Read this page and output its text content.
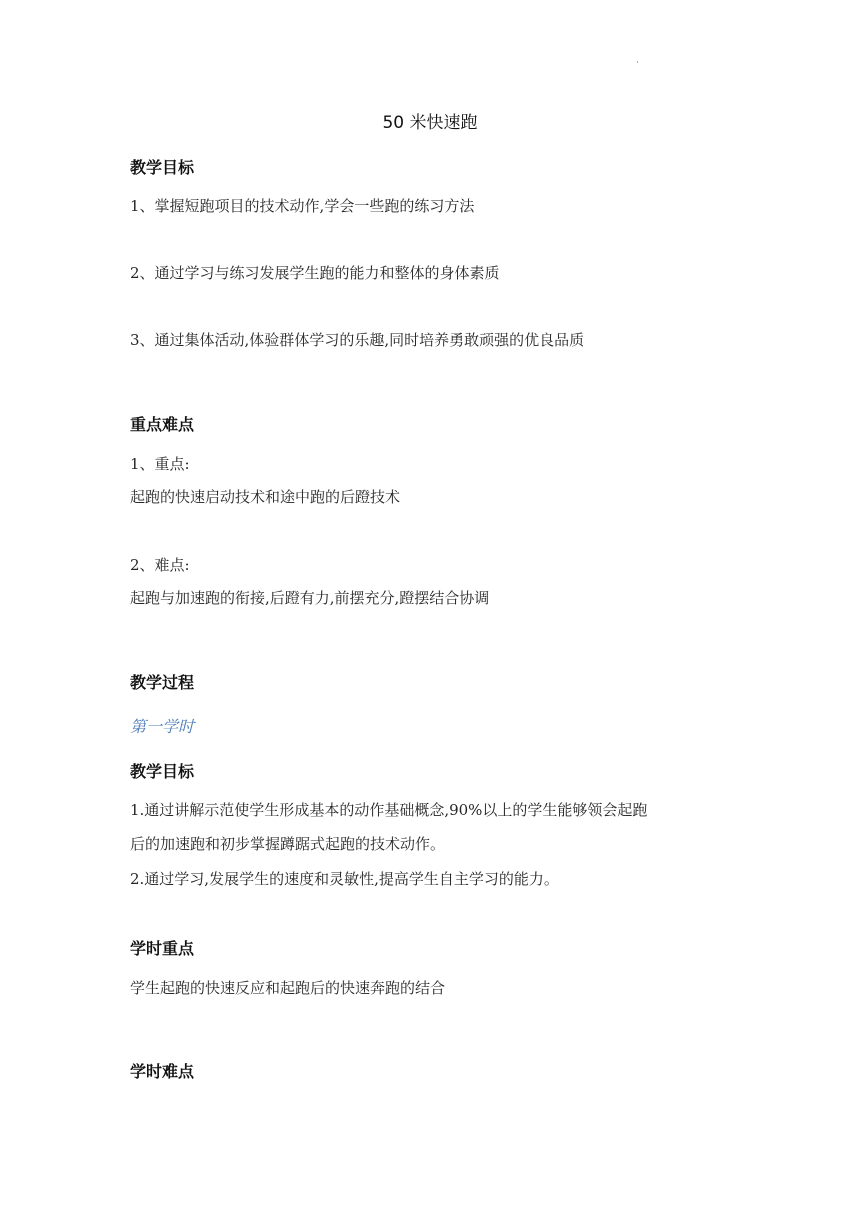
·
50 米快速跑
教学目标
1、掌握短跑项目的技术动作,学会一些跑的练习方法
2、通过学习与练习发展学生跑的能力和整体的身体素质
3、通过集体活动,体验群体学习的乐趣,同时培养勇敢顽强的优良品质
重点难点
1、重点:
起跑的快速启动技术和途中跑的后蹬技术
2、难点:
起跑与加速跑的衔接,后蹬有力,前摆充分,蹬摆结合协调
教学过程
第一学时
教学目标
1.通过讲解示范使学生形成基本的动作基础概念,90%以上的学生能够领会起跑
后的加速跑和初步掌握蹲踞式起跑的技术动作。
2.通过学习,发展学生的速度和灵敏性,提高学生自主学习的能力。
学时重点
学生起跑的快速反应和起跑后的快速奔跑的结合
学时难点
